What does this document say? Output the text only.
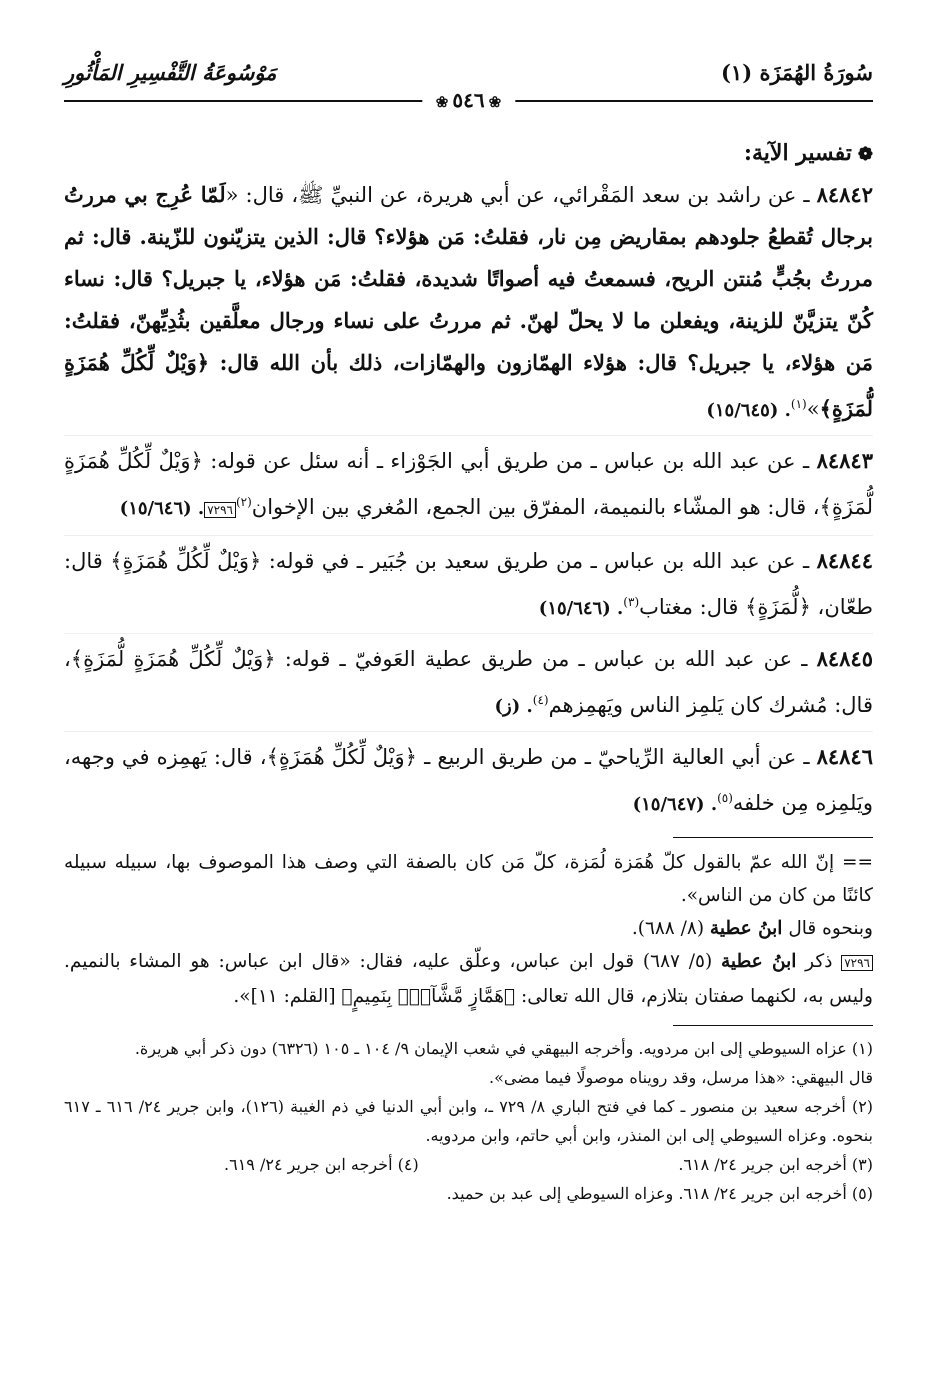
سُورَةُ الهُمَزَة (١)
مَوْسُوعَةُ التَّفْسِيرِ المَأْثُورِ
❀٥٤٦❀
❁تفسير الآية:

٨٤٨٤٢ ـ عن راشد بن سعد المَقْرائي، عن أبي هريرة، عن النبيِّ ﷺ، قال: «لَمّا عُرِج بي مررتُ برجال تُقطعُ جلودهم بمقاريض مِن نار، فقلتُ: مَن هؤلاء؟ قال: الذين يتزيّنون للزّينة. قال: ثم مررتُ بجُبٍّ مُنتن الريح، فسمعتُ فيه أصواتًا شديدة، فقلتُ: مَن هؤلاء، يا جبريل؟ قال: نساء كُنّ يتزيَّنّ للزينة، ويفعلن ما لا يحلّ لهنّ. ثم مررتُ على نساء ورجال معلَّقين بثُدِيِّهنّ، فقلتُ: مَن هؤلاء، يا جبريل؟ قال: هؤلاء الهمّازون والهمّازات، ذلك بأن الله قال: ﴿وَيْلٌ لِّكُلِّ هُمَزَةٍ لُّمَزَةٍ﴾»$^{(١)}$. (١٥/٦٤٥)

٨٤٨٤٣ ـ عن عبد الله بن عباس ـ من طريق أبي الجَوْزاء ـ أنه سئل عن قوله: ﴿وَيْلٌ لِّكُلِّ هُمَزَةٍ لُّمَزَةٍ﴾، قال: هو المشّاء بالنميمة، المفرّق بين الجمع، المُغري بين الإخوان$^{(٢)}$٧٢٩٦. (١٥/٦٤٦)

٨٤٨٤٤ ـ عن عبد الله بن عباس ـ من طريق سعيد بن جُبَير ـ في قوله: ﴿وَيْلٌ لِّكُلِّ هُمَزَةٍ﴾ قال: طعّان، ﴿لُّمَزَةٍ﴾ قال: مغتاب$^{(٣)}$. (١٥/٦٤٦)

٨٤٨٤٥ ـ عن عبد الله بن عباس ـ من طريق عطية العَوفيّ ـ قوله: ﴿وَيْلٌ لِّكُلِّ هُمَزَةٍ لُّمَزَةٍ﴾، قال: مُشرك كان يَلمِز الناس ويَهمِزهم$^{(٤)}$. (ز)

٨٤٨٤٦ ـ عن أبي العالية الرِّياحيّ ـ من طريق الربيع ـ ﴿وَيْلٌ لِّكُلِّ هُمَزَةٍ﴾، قال: يَهمِزه في وجهه، ويَلمِزه مِن خلفه$^{(٥)}$. (١٥/٦٤٧)

== إنّ الله عمّ بالقول كلّ هُمَزة لُمَزة، كلّ مَن كان بالصفة التي وصف هذا الموصوف بها، سبيله سبيله كائنًا من كان من الناس».

وبنحوه قال ابنُ عطية (٨/ ٦٨٨).

٧٢٩٦ ذكر ابنُ عطية (٥/ ٦٨٧) قول ابن عباس، وعلّق عليه، فقال: «قال ابن عباس: هو المشاء بالنميم. وليس به، لكنهما صفتان بتلازم، قال الله تعالى: ﴿هَمَّازٍ مَّشَّآءِۭ بِنَمِيمٍ﴾ [القلم: ١١]».

(١) عزاه السيوطي إلى ابن مردويه. وأخرجه البيهقي في شعب الإيمان ٩/ ١٠٤ ـ ١٠٥ (٦٣٢٦) دون ذكر أبي هريرة.

قال البيهقي: «هذا مرسل، وقد رويناه موصولًا فيما مضى».

(٢) أخرجه سعيد بن منصور ـ كما في فتح الباري ٨/ ٧٢٩ ـ، وابن أبي الدنيا في ذم الغيبة (١٢٦)، وابن جرير ٢٤/ ٦١٦ ـ ٦١٧ بنحوه. وعزاه السيوطي إلى ابن المنذر، وابن أبي حاتم، وابن مردويه.

(٣) أخرجه ابن جرير ٢٤/ ٦١٨.
(٤) أخرجه ابن جرير ٢٤/ ٦١٩.

(٥) أخرجه ابن جرير ٢٤/ ٦١٨. وعزاه السيوطي إلى عبد بن حميد.
